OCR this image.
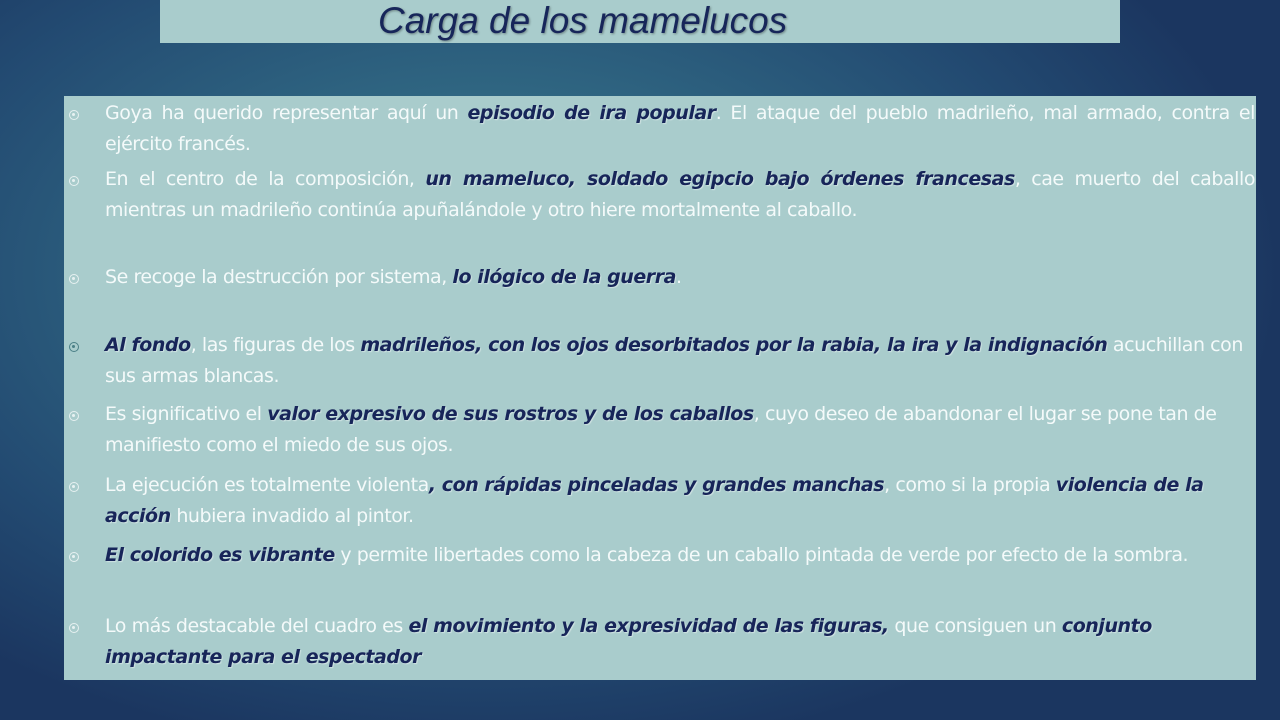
Carga de los mamelucos

Goya ha querido representar aquí un episodio de ira popular. El ataque del pueblo madrileño, mal armado, contra el ejército francés.

En el centro de la composición, un mameluco, soldado egipcio bajo órdenes francesas, cae muerto del caballo mientras un madrileño continúa apuñalándole y otro hiere mortalmente al caballo.

Se recoge la destrucción por sistema, lo ilógico de la guerra.

Al fondo, las figuras de los madrileños, con los ojos desorbitados por la rabia, la ira y la indignación acuchillan con sus armas blancas.

Es significativo el valor expresivo de sus rostros y de los caballos, cuyo deseo de abandonar el lugar se pone tan de manifiesto como el miedo de sus ojos.

La ejecución es totalmente violenta, con rápidas pinceladas y grandes manchas, como si la propia violencia de la acción hubiera invadido al pintor.

El colorido es vibrante y permite libertades como la cabeza de un caballo pintada de verde por efecto de la sombra.

Lo más destacable del cuadro es el movimiento y la expresividad de las figuras, que consiguen un conjunto impactante para el espectador
